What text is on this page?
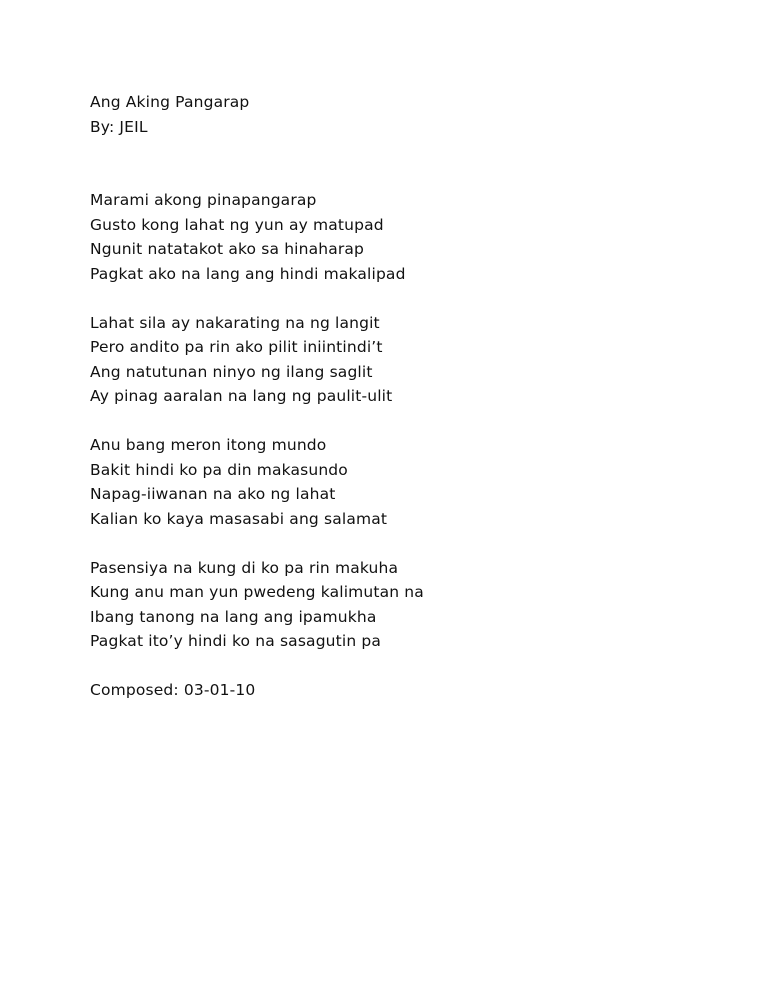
Ang Aking Pangarap
By: JEIL
Marami akong pinapangarap
Gusto kong lahat ng yun ay matupad
Ngunit natatakot ako sa hinaharap
Pagkat ako na lang ang hindi makalipad
Lahat sila ay nakarating na ng langit
Pero andito pa rin ako pilit iniintindi’t
Ang natutunan ninyo ng ilang saglit
Ay pinag aaralan na lang ng paulit-ulit
Anu bang meron itong mundo
Bakit hindi ko pa din makasundo
Napag-iiwanan na ako ng lahat
Kalian ko kaya masasabi ang salamat
Pasensiya na kung di ko pa rin makuha
Kung anu man yun pwedeng kalimutan na
Ibang tanong na lang ang ipamukha
Pagkat ito’y hindi ko na sasagutin pa
Composed: 03-01-10
